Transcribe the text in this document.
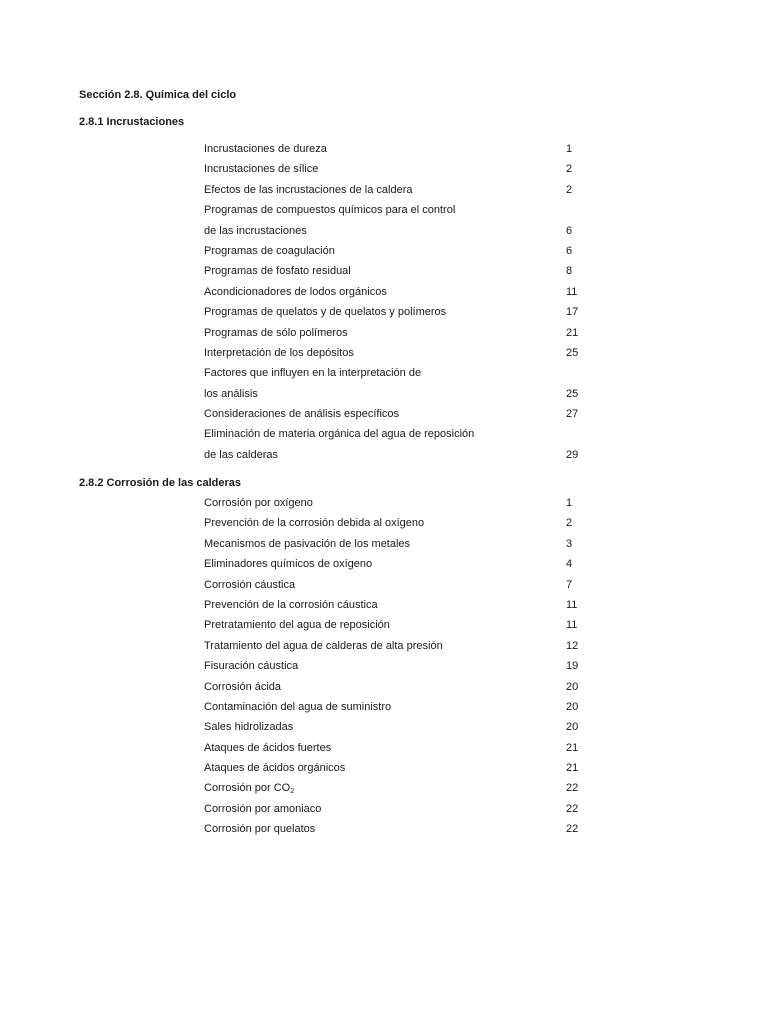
Sección 2.8. Química del ciclo
2.8.1 Incrustaciones
Incrustaciones de dureza	1
Incrustaciones de sílice	2
Efectos de las incrustaciones de la caldera	2
Programas de compuestos químicos para el control
de las incrustaciones	6
Programas de coagulación	6
Programas de fosfato residual	8
Acondicionadores de lodos orgánicos	11
Programas de quelatos y de quelatos y polímeros	17
Programas de sólo polímeros	21
Interpretación de los depósitos	25
Factores que influyen en la interpretación de
los análisis	25
Consideraciones de análisis específicos	27
Eliminación de materia orgánica del agua de reposición
de las calderas	29
2.8.2 Corrosión de las calderas
Corrosión por oxígeno	1
Prevención de la corrosión debida al oxígeno	2
Mecanismos de pasivación de los metales	3
Eliminadores químicos de oxígeno	4
Corrosión cáustica	7
Prevención de la corrosión cáustica	11
Pretratamiento del agua de reposición	11
Tratamiento del agua de calderas de alta presión	12
Fisuración cáustica	19
Corrosión ácida	20
Contaminación del agua de suministro	20
Sales hidrolizadas	20
Ataques de ácidos fuertes	21
Ataques de ácidos orgánicos	21
Corrosión por $CO_2$	22
Corrosión por amoniaco	22
Corrosión por quelatos	22
